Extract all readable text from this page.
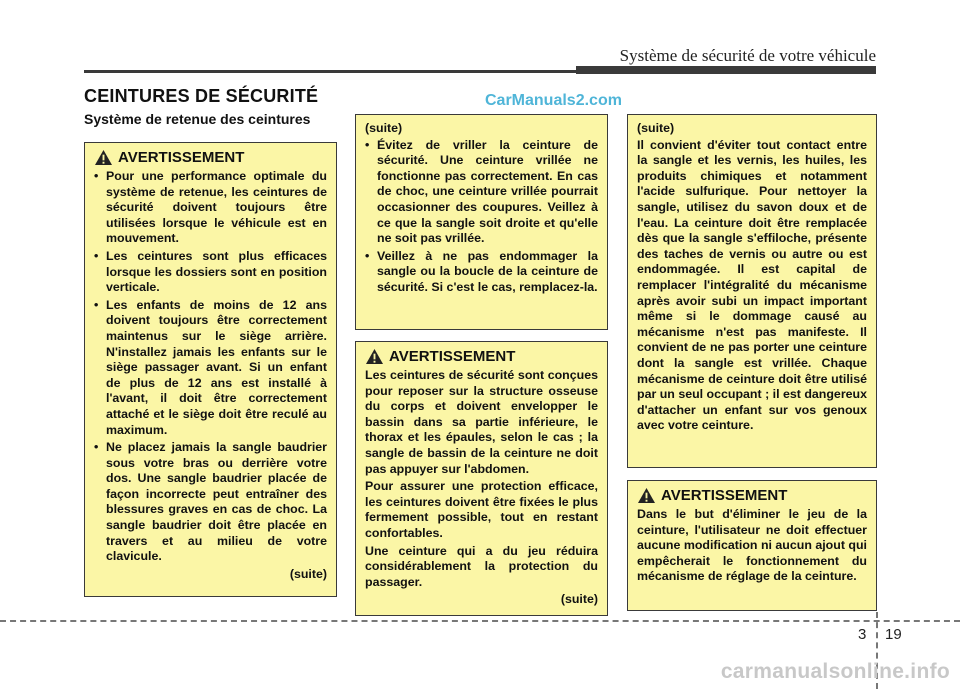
Système de sécurité de votre véhicule
CEINTURES DE SÉCURITÉ
Système de retenue des ceintures
CarManuals2.com
AVERTISSEMENT
• Pour une performance optimale du système de retenue, les ceintures de sécurité doivent toujours être utilisées lorsque le véhicule est en mouvement.
• Les ceintures sont plus efficaces lorsque les dossiers sont en position verticale.
• Les enfants de moins de 12 ans doivent toujours être correctement maintenus sur le siège arrière. N'installez jamais les enfants sur le siège passager avant. Si un enfant de plus de 12 ans est installé à l'avant, il doit être correctement attaché et le siège doit être reculé au maximum.
• Ne placez jamais la sangle baudrier sous votre bras ou derrière votre dos. Une sangle baudrier placée de façon incorrecte peut entraîner des blessures graves en cas de choc. La sangle baudrier doit être placée en travers et au milieu de votre clavicule.
(suite)
(suite)
• Évitez de vriller la ceinture de sécurité. Une ceinture vrillée ne fonctionne pas correctement. En cas de choc, une ceinture vrillée pourrait occasionner des coupures. Veillez à ce que la sangle soit droite et qu'elle ne soit pas vrillée.
• Veillez à ne pas endommager la sangle ou la boucle de la ceinture de sécurité. Si c'est le cas, remplacez-la.
AVERTISSEMENT

Les ceintures de sécurité sont conçues pour reposer sur la structure osseuse du corps et doivent envelopper le bassin dans sa partie inférieure, le thorax et les épaules, selon le cas ; la sangle de bassin de la ceinture ne doit pas appuyer sur l'abdomen.

Pour assurer une protection efficace, les ceintures doivent être fixées le plus fermement possible, tout en restant confortables.

Une ceinture qui a du jeu réduira considérablement la protection du passager.

(suite)
(suite)

Il convient d'éviter tout contact entre la sangle et les vernis, les huiles, les produits chimiques et notamment l'acide sulfurique. Pour nettoyer la sangle, utilisez du savon doux et de l'eau. La ceinture doit être remplacée dès que la sangle s'effiloche, présente des taches de vernis ou autre ou est endommagée. Il est capital de remplacer l'intégralité du mécanisme après avoir subi un impact important même si le dommage causé au mécanisme n'est pas manifeste. Il convient de ne pas porter une ceinture dont la sangle est vrillée. Chaque mécanisme de ceinture doit être utilisé par un seul occupant ; il est dangereux d'attacher un enfant sur vos genoux avec votre ceinture.

AVERTISSEMENT

Dans le but d'éliminer le jeu de la ceinture, l'utilisateur ne doit effectuer aucune modification ni aucun ajout qui empêcherait le fonctionnement du mécanisme de réglage de la ceinture.

3 19
carmanualsonline.info
